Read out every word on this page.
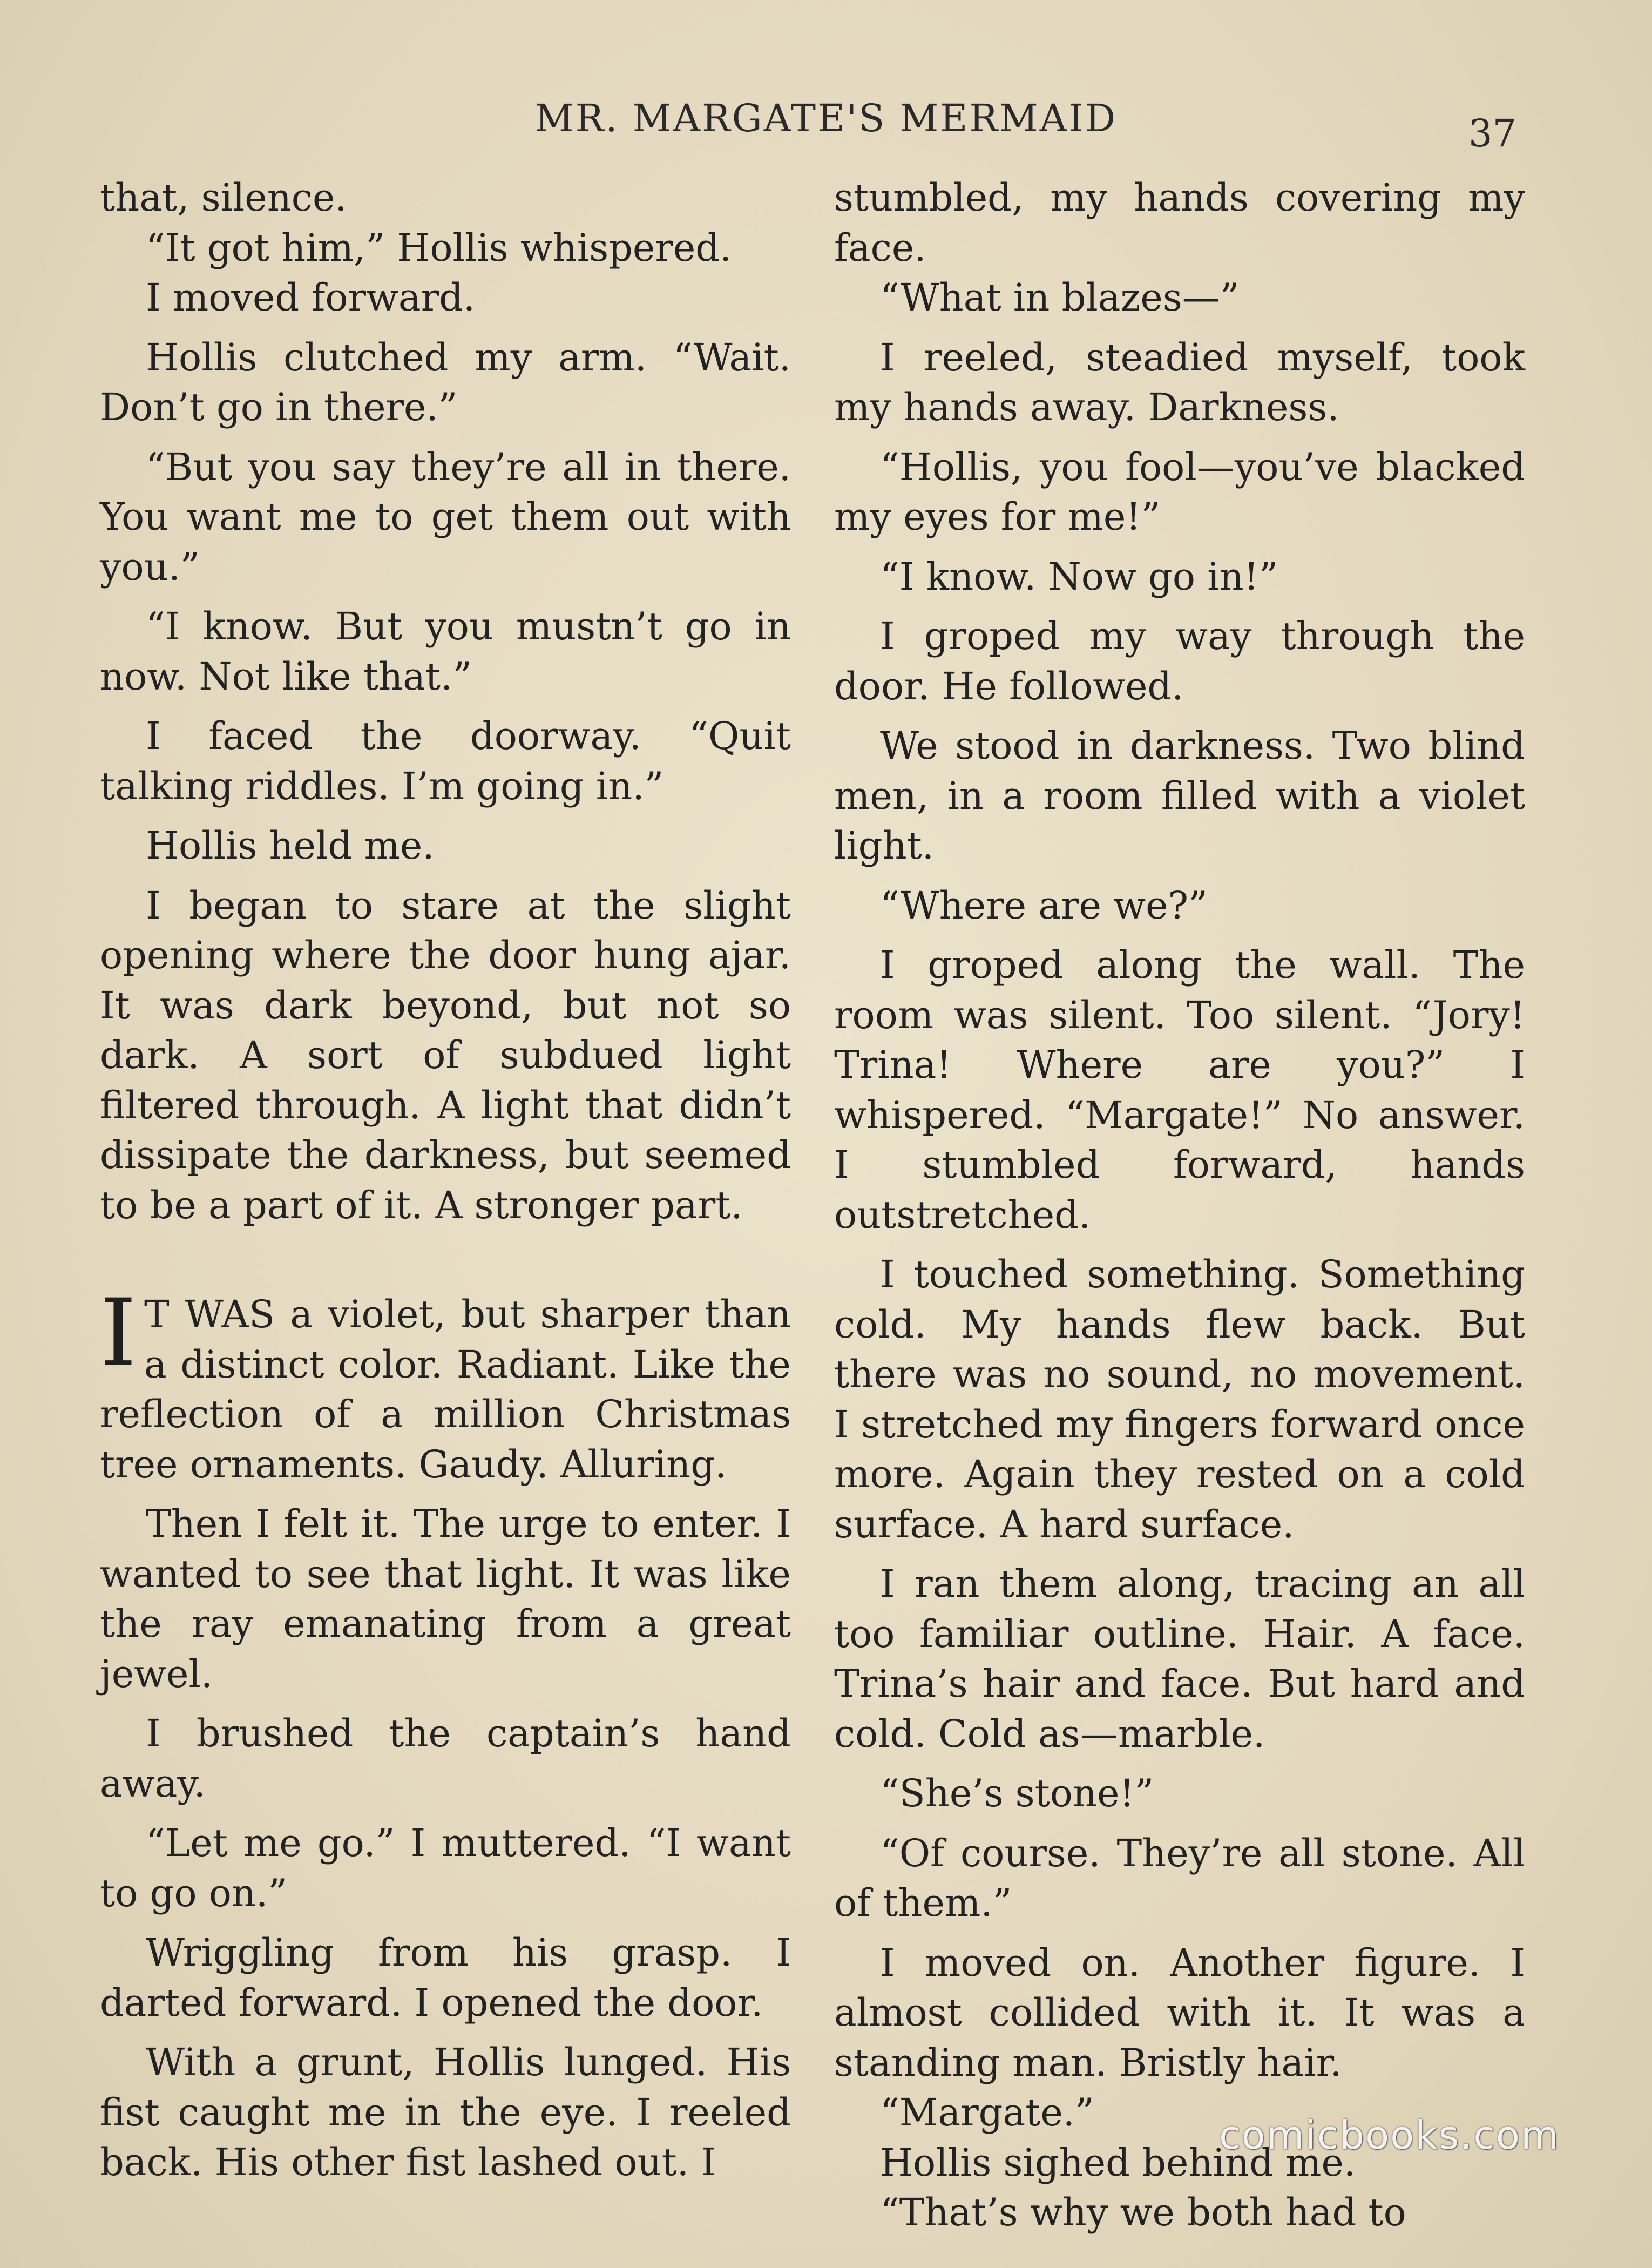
MR. MARGATE'S MERMAID	37

that, silence.

“It got him,” Hollis whispered.

I moved forward.

Hollis clutched my arm. “Wait. Don’t go in there.”

“But you say they’re all in there. You want me to get them out with you.”

“I know. But you mustn’t go in now. Not like that.”

I faced the doorway. “Quit talking riddles. I’m going in.”

Hollis held me.

I began to stare at the slight opening where the door hung ajar. It was dark beyond, but not so dark. A sort of subdued light filtered through. A light that didn’t dissipate the darkness, but seemed to be a part of it. A stronger part.

I T WAS a violet, but sharper than a distinct color. Radiant. Like the reflection of a million Christmas tree ornaments. Gaudy. Alluring.

Then I felt it. The urge to enter. I wanted to see that light. It was like the ray emanating from a great jewel.

I brushed the captain’s hand away.

“Let me go.” I muttered. “I want to go on.”

Wriggling from his grasp. I darted forward. I opened the door.

With a grunt, Hollis lunged. His fist caught me in the eye. I reeled back. His other fist lashed out. I

stumbled, my hands covering my face.

“What in blazes—”

I reeled, steadied myself, took my hands away. Darkness.

“Hollis, you fool—you’ve blacked my eyes for me!”

“I know. Now go in!”

I groped my way through the door. He followed.

We stood in darkness. Two blind men, in a room filled with a violet light.

“Where are we?”

I groped along the wall. The room was silent. Too silent. “Jory! Trina! Where are you?” I whispered. “Margate!” No answer. I stumbled forward, hands outstretched.

I touched something. Something cold. My hands flew back. But there was no sound, no movement. I stretched my fingers forward once more. Again they rested on a cold surface. A hard surface.

I ran them along, tracing an all too familiar outline. Hair. A face. Trina’s hair and face. But hard and cold. Cold as—marble.

“She’s stone!”

“Of course. They’re all stone. All of them.”

I moved on. Another figure. I almost collided with it. It was a standing man. Bristly hair.

“Margate.”

Hollis sighed behind me.

“That’s why we both had to

comicbooks.com
